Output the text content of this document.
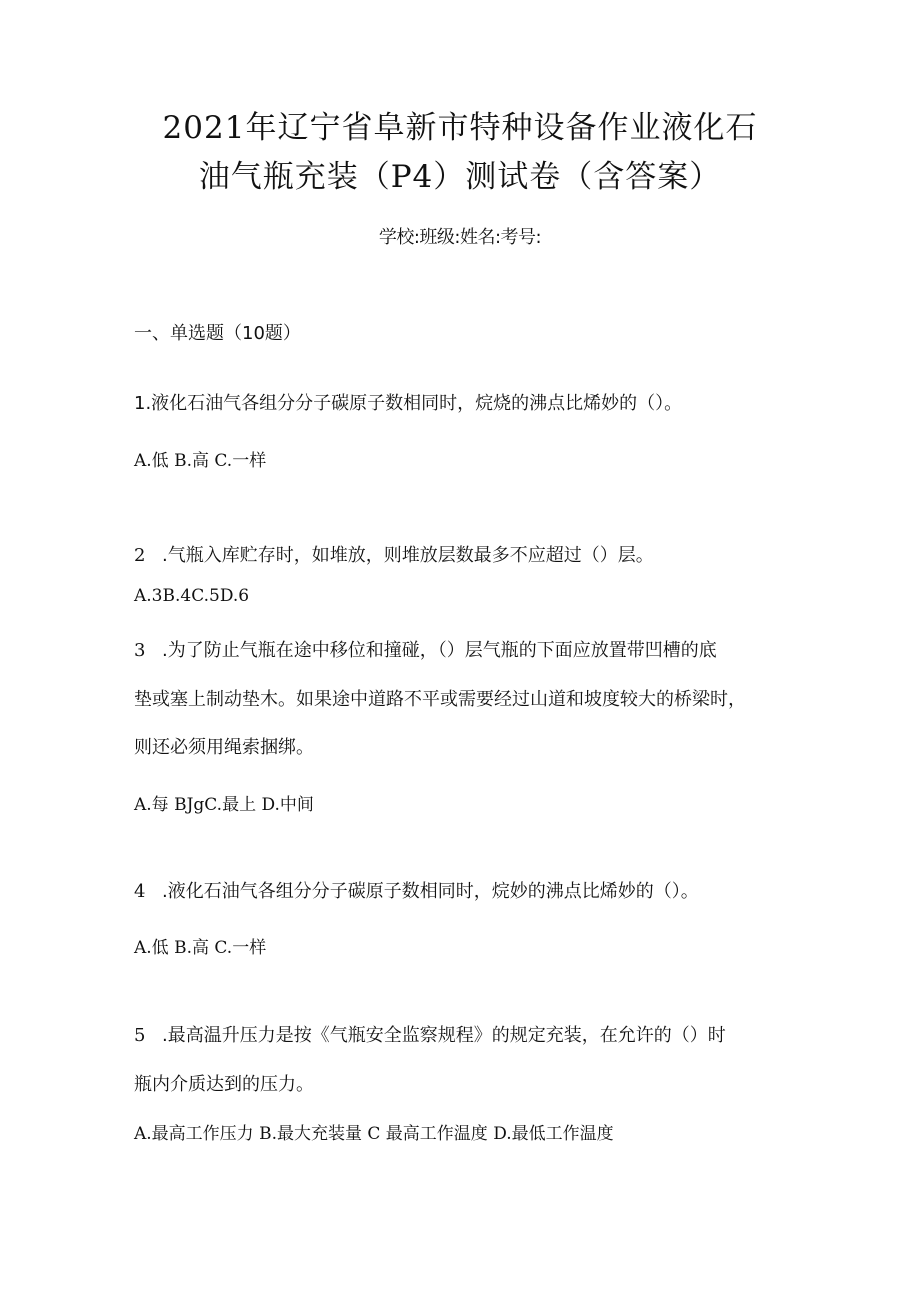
2021年辽宁省阜新市特种设备作业液化石
油气瓶充装（P4）测试卷（含答案）
学校:班级:姓名:考号:
一、单选题（10题）
1.液化石油气各组分分子碳原子数相同时，烷烧的沸点比烯妙的（）。
A.低 B.高 C.一样
2 .气瓶入库贮存时，如堆放，则堆放层数最多不应超过（）层。
A.3B.4C.5D.6
3 .为了防止气瓶在途中移位和撞碰，（）层气瓶的下面应放置带凹槽的底
垫或塞上制动垫木。如果途中道路不平或需要经过山道和坡度较大的桥梁时，
则还必须用绳索捆绑。
A.每 BJgC.最上 D.中间
4 .液化石油气各组分分子碳原子数相同时，烷妙的沸点比烯妙的（）。
A.低 B.高 C.一样
5 .最高温升压力是按《气瓶安全监察规程》的规定充装，在允许的（）时
瓶内介质达到的压力。
A.最高工作压力 B.最大充装量 C 最高工作温度 D.最低工作温度
